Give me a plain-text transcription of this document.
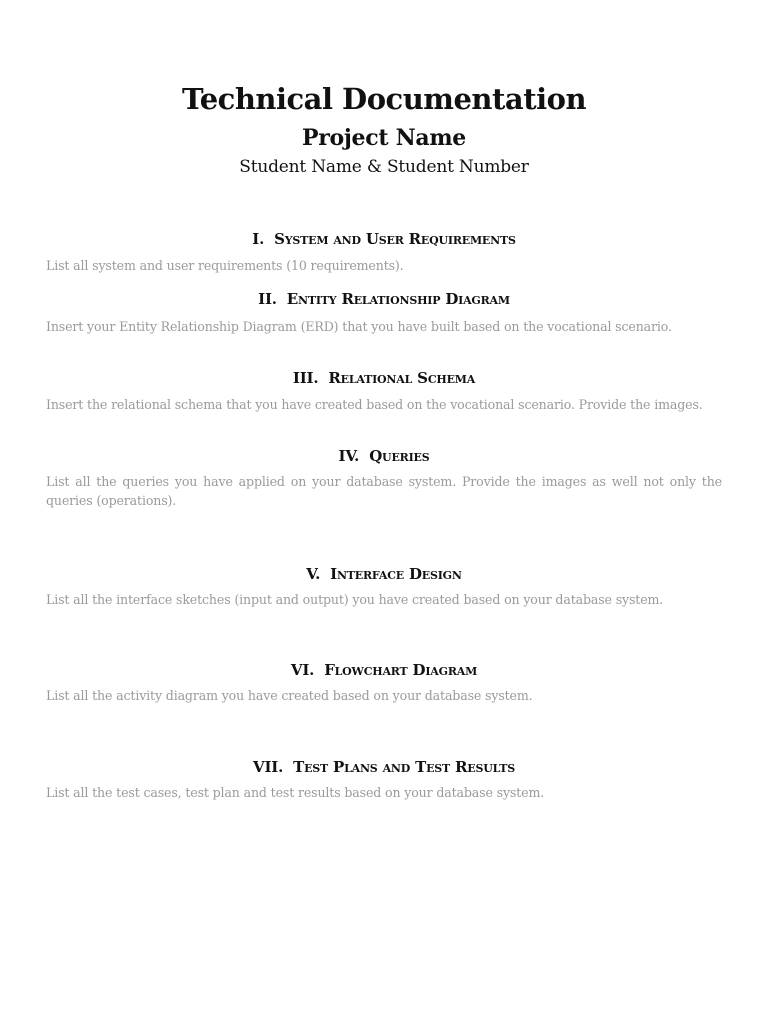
Technical Documentation
Project Name
Student Name & Student Number
I. System and User Requirements
List all system and user requirements (10 requirements).
II. Entity Relationship Diagram
Insert your Entity Relationship Diagram (ERD) that you have built based on the vocational scenario.
III. Relational Schema
Insert the relational schema that you have created based on the vocational scenario. Provide the images.
IV. Queries
List all the queries you have applied on your database system. Provide the images as well not only the queries (operations).
V. Interface Design
List all the interface sketches (input and output) you have created based on your database system.
VI. Flowchart Diagram
List all the activity diagram you have created based on your database system.
VII. Test Plans and Test Results
List all the test cases, test plan and test results based on your database system.
